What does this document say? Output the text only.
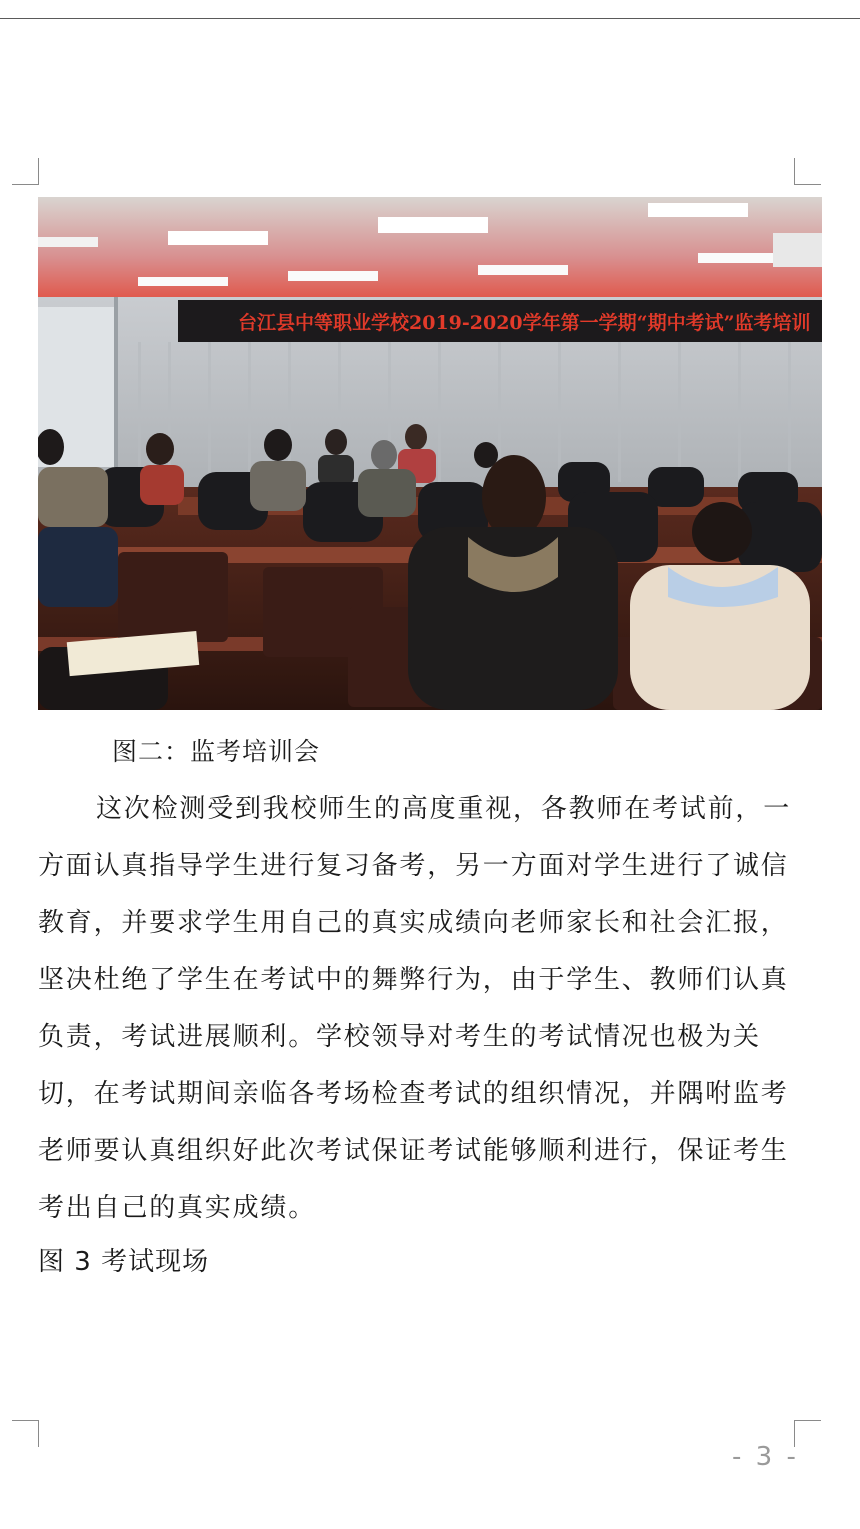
台江县中等职业学校2019-2020学年第一学期“期中考试”监考培训
图二：监考培训会

这次检测受到我校师生的高度重视，各教师在考试前，一方面认真指导学生进行复习备考，另一方面对学生进行了诚信教育，并要求学生用自己的真实成绩向老师家长和社会汇报，坚决杜绝了学生在考试中的舞弊行为，由于学生、教师们认真负责，考试进展顺利。学校领导对考生的考试情况也极为关切，在考试期间亲临各考场检查考试的组织情况，并隅咐监考老师要认真组织好此次考试保证考试能够顺利进行，保证考生考出自己的真实成绩。

图 3 考试现场
- 3 -
